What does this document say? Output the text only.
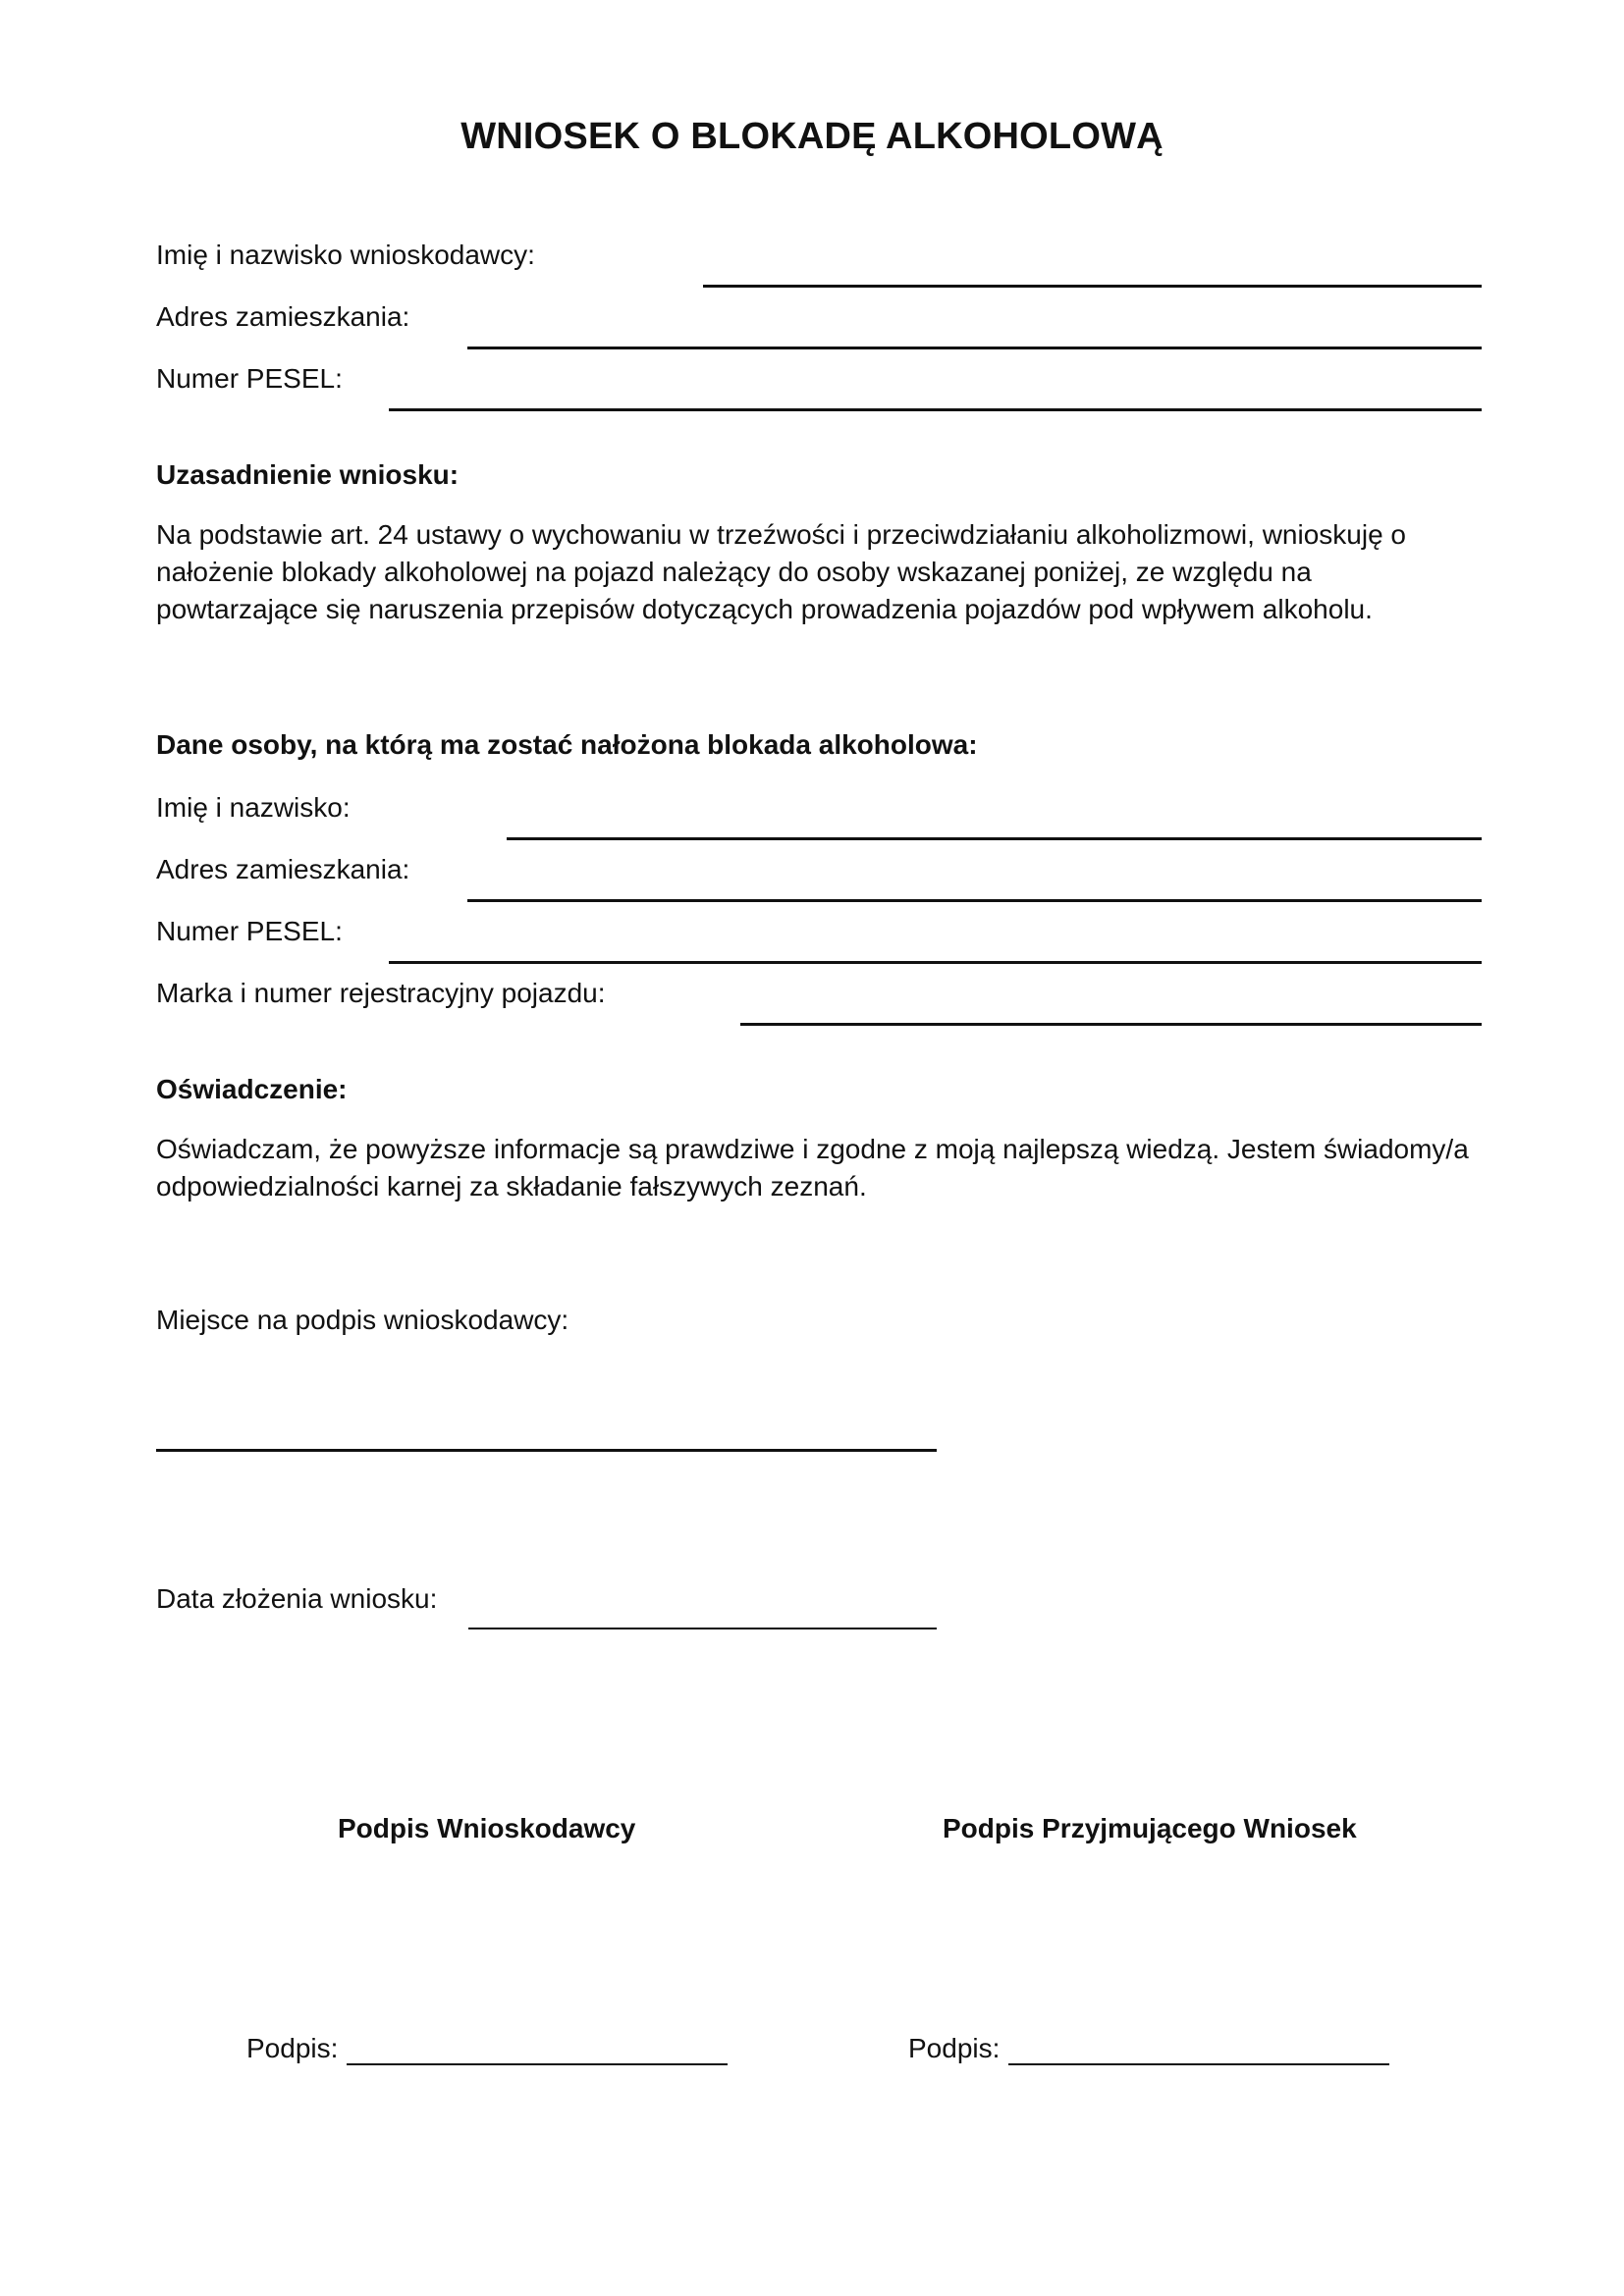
WNIOSEK O BLOKADĘ ALKOHOLOWĄ
Imię i nazwisko wnioskodawcy:
Adres zamieszkania:
Numer PESEL:
Uzasadnienie wniosku:

Na podstawie art. 24 ustawy o wychowaniu w trzeźwości i przeciwdziałaniu alkoholizmowi, wnioskuję o
nałożenie blokady alkoholowej na pojazd należący do osoby wskazanej poniżej, ze względu na
powtarzające się naruszenia przepisów dotyczących prowadzenia pojazdów pod wpływem alkoholu.

Dane osoby, na którą ma zostać nałożona blokada alkoholowa:
Imię i nazwisko:
Adres zamieszkania:
Numer PESEL:
Marka i numer rejestracyjny pojazdu:
Oświadczenie:

Oświadczam, że powyższe informacje są prawdziwe i zgodne z moją najlepszą wiedzą. Jestem świadomy/a
odpowiedzialności karnej za składanie fałszywych zeznań.

Miejsce na podpis wnioskodawcy:
Data złożenia wniosku:
Podpis Wnioskodawcy	Podpis Przyjmującego Wniosek
Podpis:	Podpis:
